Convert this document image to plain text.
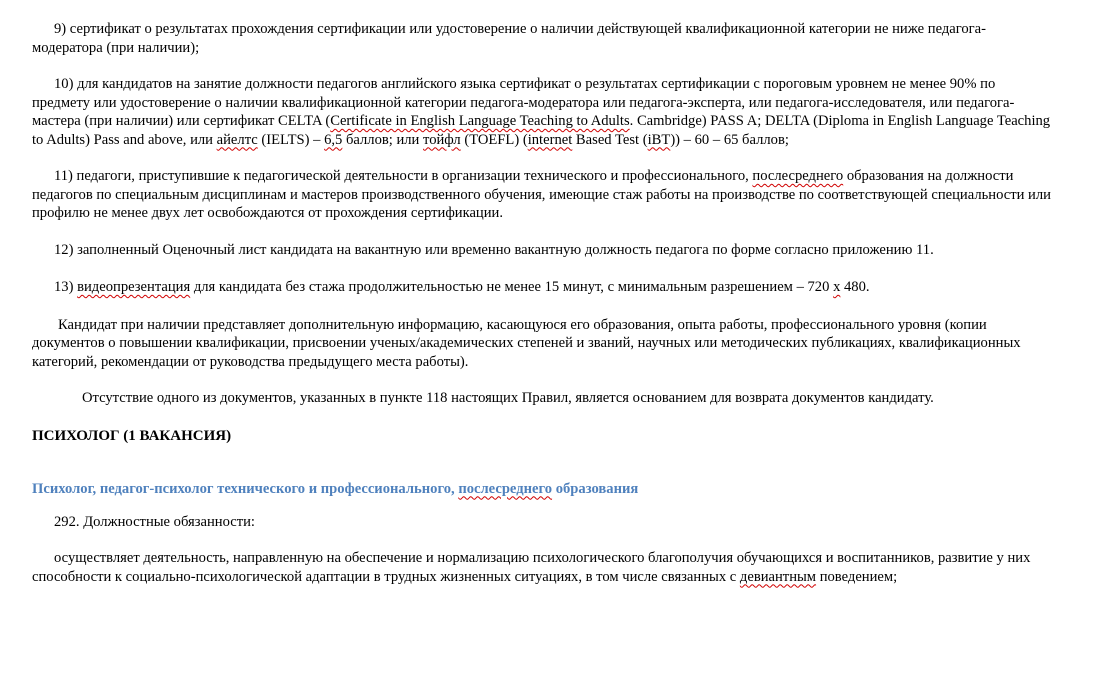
9) сертификат о результатах прохождения сертификации или удостоверение о наличии действующей квалификационной категории не ниже педагога-модератора (при наличии);

10) для кандидатов на занятие должности педагогов английского языка сертификат о результатах сертификации с пороговым уровнем не менее 90% по предмету или удостоверение о наличии квалификационной категории педагога-модератора или педагога-эксперта, или педагога-исследователя, или педагога-мастера (при наличии) или сертификат CELTA (Certificate in English Language Teaching to Adults. Cambridge) PASS A; DELTA (Diploma in English Language Teaching to Adults) Pass and above, или айелтс (IELTS) – 6,5 баллов; или тойфл (TOEFL) (internet Based Test (iBT)) – 60 – 65 баллов;

11) педагоги, приступившие к педагогической деятельности в организации технического и профессионального, послесреднего образования на должности педагогов по специальным дисциплинам и мастеров производственного обучения, имеющие стаж работы на производстве по соответствующей специальности или профилю не менее двух лет освобождаются от прохождения сертификации.

12) заполненный Оценочный лист кандидата на вакантную или временно вакантную должность педагога по форме согласно приложению 11.

13) видеопрезентация для кандидата без стажа продолжительностью не менее 15 минут, с минимальным разрешением – 720 х 480.

Кандидат при наличии представляет дополнительную информацию, касающуюся его образования, опыта работы, профессионального уровня (копии документов о повышении квалификации, присвоении ученых/академических степеней и званий, научных или методических публикациях, квалификационных категорий, рекомендации от руководства предыдущего места работы).

Отсутствие одного из документов, указанных в пункте 118 настоящих Правил, является основанием для возврата документов кандидату.

ПСИХОЛОГ (1 ВАКАНСИЯ)
Психолог, педагог-психолог технического и профессионального, послесреднего образования

292. Должностные обязанности:

осуществляет деятельность, направленную на обеспечение и нормализацию психологического благополучия обучающихся и воспитанников, развитие у них способности к социально-психологической адаптации в трудных жизненных ситуациях, в том числе связанных с девиантным поведением;
